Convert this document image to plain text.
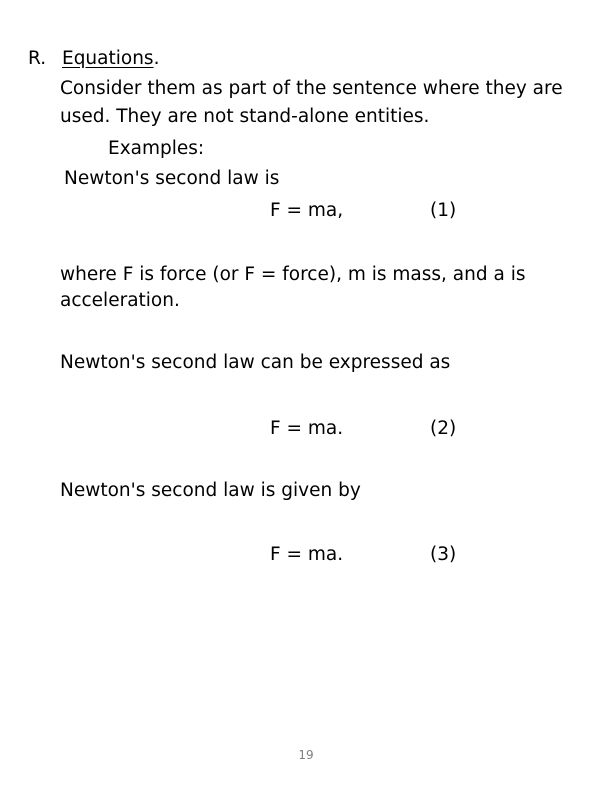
R. Equations.
Consider them as part of the sentence where they are
used. They are not stand-alone entities.
Examples:
Newton's second law is
F = ma,	(1)
where F is force (or F = force), m is mass, and a is
acceleration.
Newton's second law can be expressed as
F = ma.	(2)
Newton's second law is given by
F = ma.	(3)
19
